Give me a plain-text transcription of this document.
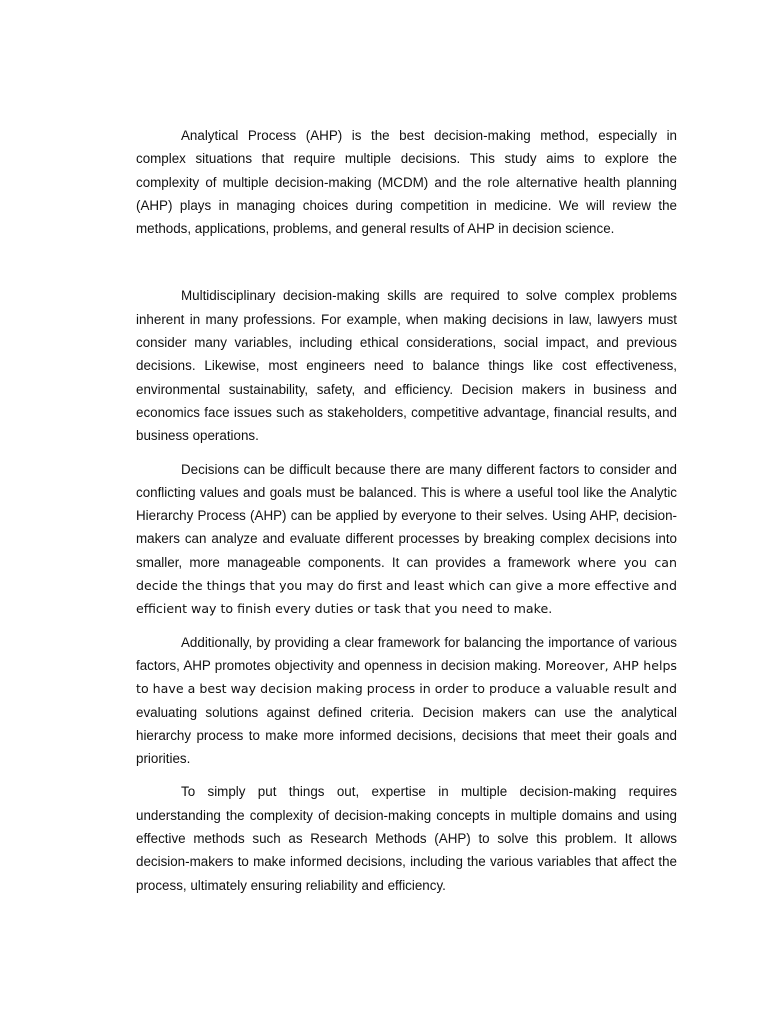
Analytical Process (AHP) is the best decision-making method, especially in complex situations that require multiple decisions. This study aims to explore the complexity of multiple decision-making (MCDM) and the role alternative health planning (AHP) plays in managing choices during competition in medicine. We will review the methods, applications, problems, and general results of AHP in decision science.

Multidisciplinary decision-making skills are required to solve complex problems inherent in many professions. For example, when making decisions in law, lawyers must consider many variables, including ethical considerations, social impact, and previous decisions. Likewise, most engineers need to balance things like cost effectiveness, environmental sustainability, safety, and efficiency. Decision makers in business and economics face issues such as stakeholders, competitive advantage, financial results, and business operations.

Decisions can be difficult because there are many different factors to consider and conflicting values and goals must be balanced. This is where a useful tool like the Analytic Hierarchy Process (AHP) can be applied by everyone to their selves. Using AHP, decision-makers can analyze and evaluate different processes by breaking complex decisions into smaller, more manageable components. It can provides a framework where you can decide the things that you may do first and least which can give a more effective and efficient way to finish every duties or task that you need to make.

Additionally, by providing a clear framework for balancing the importance of various factors, AHP promotes objectivity and openness in decision making. Moreover, AHP helps to have a best way decision making process in order to produce a valuable result and evaluating solutions against defined criteria. Decision makers can use the analytical hierarchy process to make more informed decisions, decisions that meet their goals and priorities.

To simply put things out, expertise in multiple decision-making requires understanding the complexity of decision-making concepts in multiple domains and using effective methods such as Research Methods (AHP) to solve this problem. It allows decision-makers to make informed decisions, including the various variables that affect the process, ultimately ensuring reliability and efficiency.
